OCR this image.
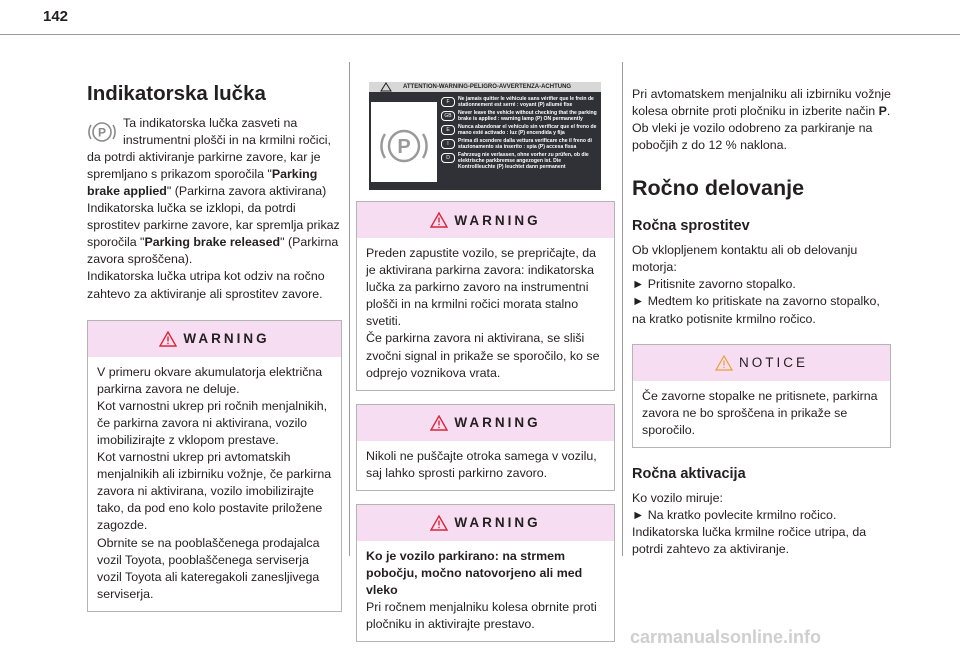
142
Indikatorska lučka

P
Ta indikatorska lučka zasveti na instrumentni plošči in na krmilni ročici, da potrdi aktiviranje parkirne zavore, kar je spremljano s prikazom sporočila "Parking brake applied" (Parkirna zavora aktivirana)
Indikatorska lučka se izklopi, da potrdi sprostitev parkirne zavore, kar spremlja prikaz sporočila "Parking brake released" (Parkirna zavora sproščena).
Indikatorska lučka utripa kot odziv na ročno zahtevo za aktiviranje ali sprostitev zavore.

WARNING

V primeru okvare akumulatorja električna parkirna zavora ne deluje.
Kot varnostni ukrep pri ročnih menjalnikih, če parkirna zavora ni aktivirana, vozilo imobilizirajte z vklopom prestave.
Kot varnostni ukrep pri avtomatskih menjalnikih ali izbirniku vožnje, če parkirna zavora ni aktivirana, vozilo imobilizirajte tako, da pod eno kolo postavite priložene zagozde.
Obrnite se na pooblaščenega prodajalca vozil Toyota, pooblaščenega serviserja vozil Toyota ali kateregakoli zanesljivega serviserja.

ATTENTION-WARNING-PELIGRO-AVVERTENZA-ACHTUNG
P
F	Ne jamais quitter le véhicule sans vérifier que le frein de stationnement est serré : voyant (P) allumé fixe
GB	Never leave the vehicle without checking that the parking brake is applied : warning lamp (P) ON permanently
E	Nunca abandonar el vehículo sin verificar que el freno de mano esté activado : luz (P) encendida y fija
I	Prima di scendere dalla vettura verificare che il freno di stazionamento sia inserito : spia (P) accesa fissa
D	Fahrzeug nie verlassen, ohne vorher zu prüfen, ob die elektrische parkbremse angezogen ist. Die Kontrollleuchte (P) leuchtet dann permanent
WARNING

Preden zapustite vozilo, se prepričajte, da je aktivirana parkirna zavora: indikatorska lučka za parkirno zavoro na instrumentni plošči in na krmilni ročici morata stalno svetiti.
Če parkirna zavora ni aktivirana, se sliši zvočni signal in prikaže se sporočilo, ko se odprejo voznikova vrata.

WARNING

Nikoli ne puščajte otroka samega v vozilu, saj lahko sprosti parkirno zavoro.

WARNING

Ko je vozilo parkirano: na strmem pobočju, močno natovorjeno ali med vleko
Pri ročnem menjalniku kolesa obrnite proti pločniku in aktivirajte prestavo.

Pri avtomatskem menjalniku ali izbirniku vožnje kolesa obrnite proti pločniku in izberite način P.
Ob vleki je vozilo odobreno za parkiranje na pobočjih z do 12 % naklona.

Ročno delovanje
Ročna sprostitev

Ob vklopljenem kontaktu ali ob delovanju motorja:
► Pritisnite zavorno stopalko.
► Medtem ko pritiskate na zavorno stopalko, na kratko potisnite krmilno ročico.

NOTICE

Če zavorne stopalke ne pritisnete, parkirna zavora ne bo sproščena in prikaže se sporočilo.

Ročna aktivacija

Ko vozilo miruje:
► Na kratko povlecite krmilno ročico.
Indikatorska lučka krmilne ročice utripa, da potrdi zahtevo za aktiviranje.

carmanualsonline.info
